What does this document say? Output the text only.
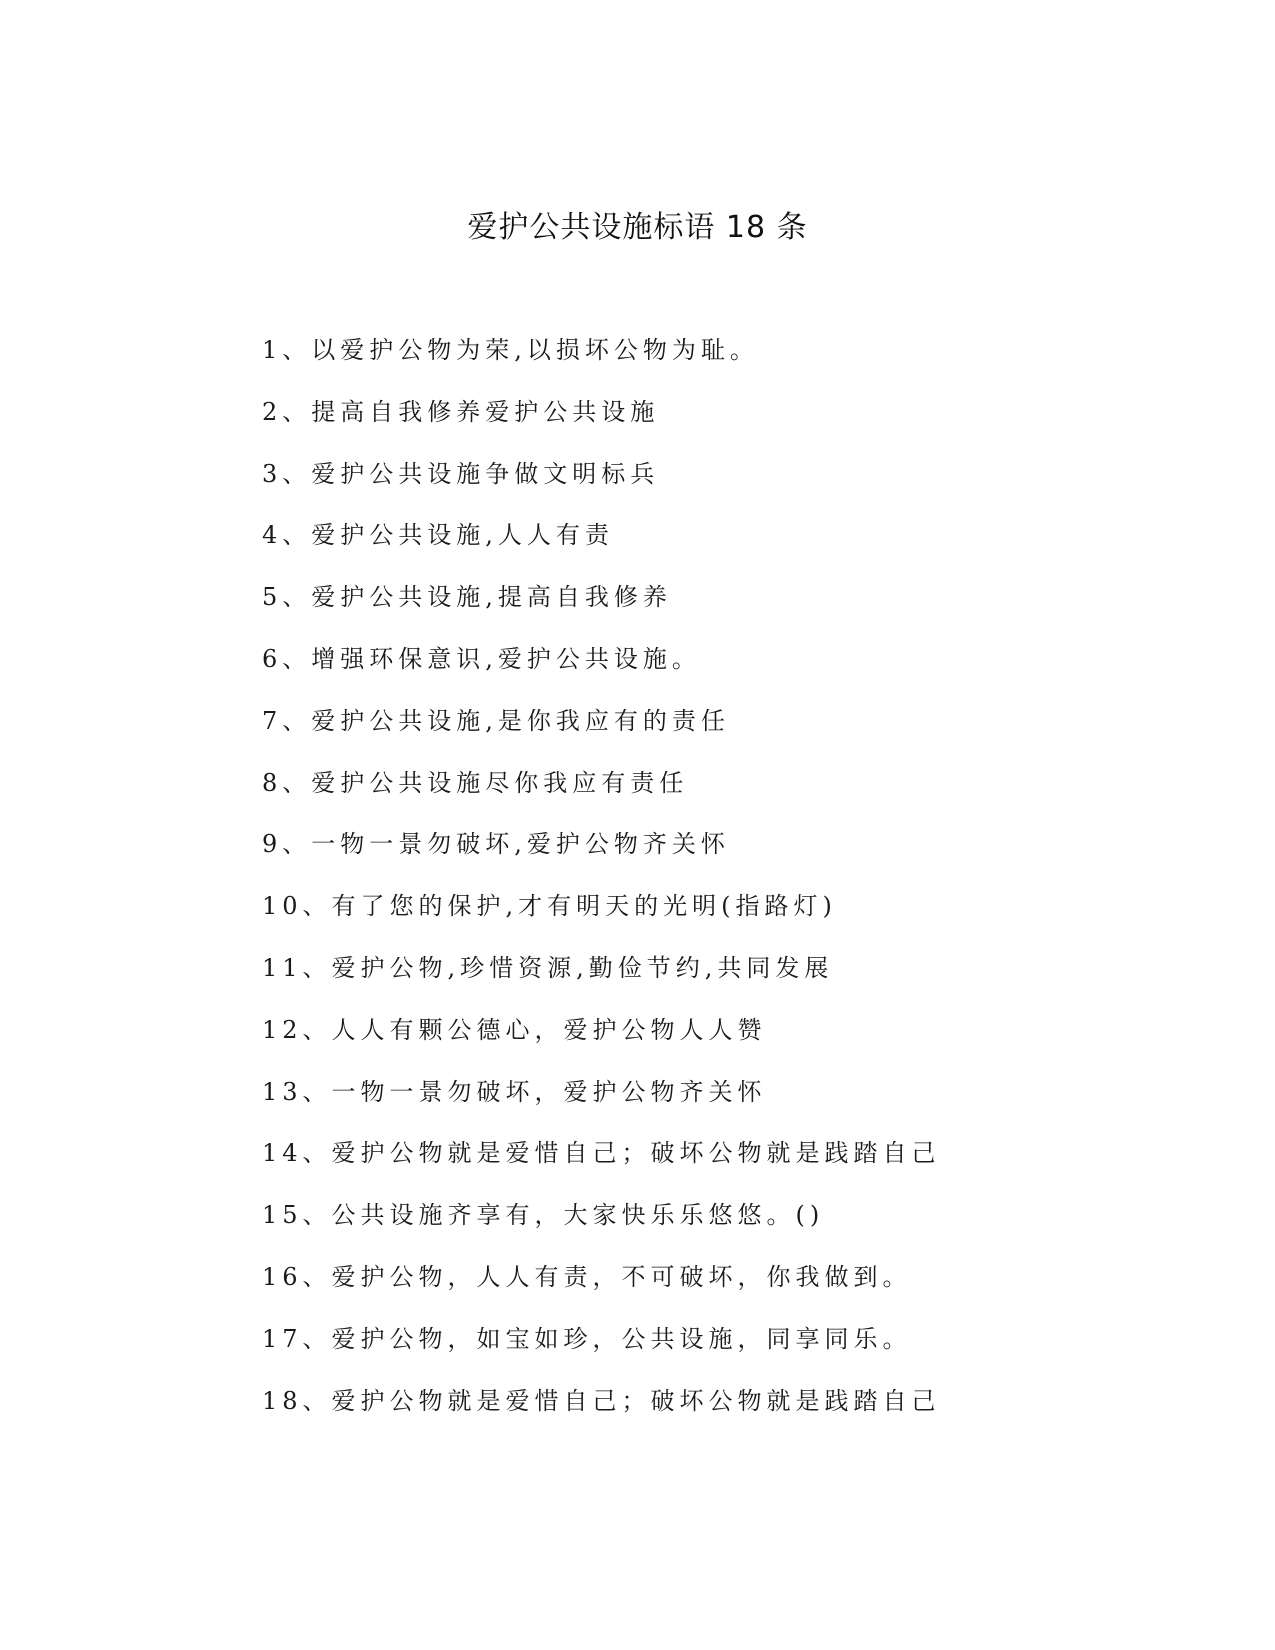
爱护公共设施标语 18 条
1、以爱护公物为荣,以损坏公物为耻。
2、提高自我修养爱护公共设施
3、爱护公共设施争做文明标兵
4、爱护公共设施,人人有责
5、爱护公共设施,提高自我修养
6、增强环保意识,爱护公共设施。
7、爱护公共设施,是你我应有的责任
8、爱护公共设施尽你我应有责任
9、一物一景勿破坏,爱护公物齐关怀
10、有了您的保护,才有明天的光明(指路灯)
11、爱护公物,珍惜资源,勤俭节约,共同发展
12、人人有颗公德心，爱护公物人人赞
13、一物一景勿破坏，爱护公物齐关怀
14、爱护公物就是爱惜自己；破坏公物就是践踏自己
15、公共设施齐享有，大家快乐乐悠悠。()
16、爱护公物，人人有责，不可破坏，你我做到。
17、爱护公物，如宝如珍，公共设施，同享同乐。
18、爱护公物就是爱惜自己；破坏公物就是践踏自己
